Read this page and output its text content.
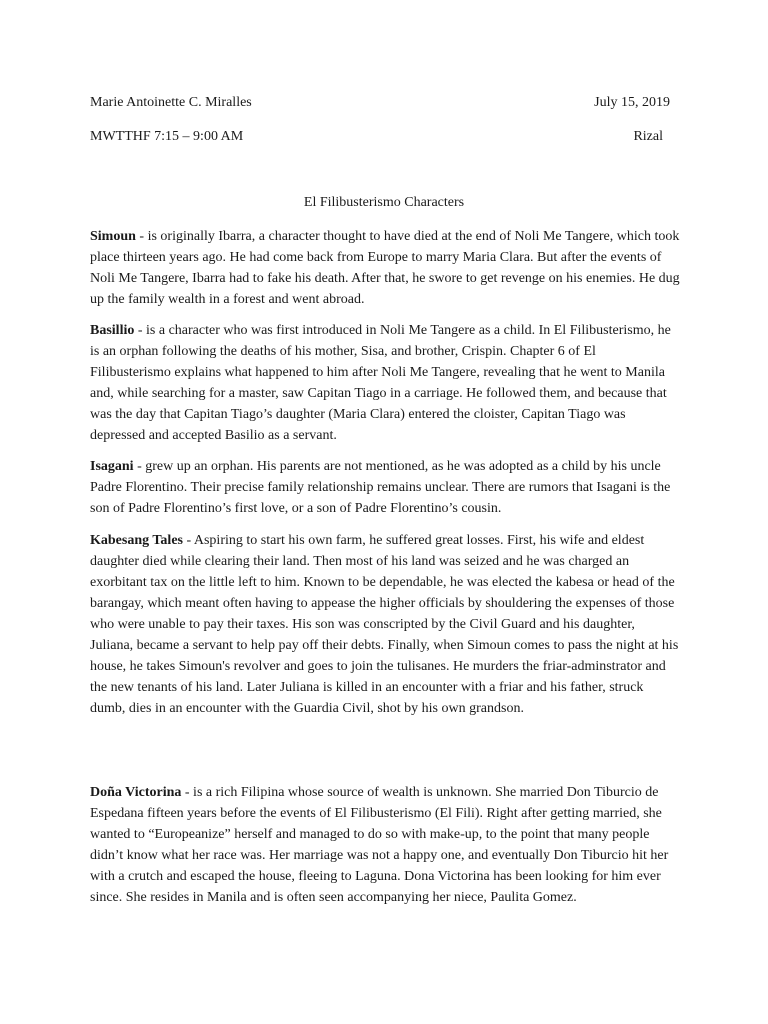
Marie Antoinette C. Miralles	July 15, 2019
MWTTHF 7:15 – 9:00 AM	Rizal
El Filibusterismo Characters

Simoun - is originally Ibarra, a character thought to have died at the end of Noli Me Tangere, which took place thirteen years ago. He had come back from Europe to marry Maria Clara. But after the events of Noli Me Tangere, Ibarra had to fake his death. After that, he swore to get revenge on his enemies. He dug up the family wealth in a forest and went abroad.

Basillio - is a character who was first introduced in Noli Me Tangere as a child. In El Filibusterismo, he is an orphan following the deaths of his mother, Sisa, and brother, Crispin. Chapter 6 of El Filibusterismo explains what happened to him after Noli Me Tangere, revealing that he went to Manila and, while searching for a master, saw Capitan Tiago in a carriage. He followed them, and because that was the day that Capitan Tiago’s daughter (Maria Clara) entered the cloister, Capitan Tiago was depressed and accepted Basilio as a servant.

Isagani - grew up an orphan. His parents are not mentioned, as he was adopted as a child by his uncle Padre Florentino. Their precise family relationship remains unclear. There are rumors that Isagani is the son of Padre Florentino’s first love, or a son of Padre Florentino’s cousin.

Kabesang Tales - Aspiring to start his own farm, he suffered great losses. First, his wife and eldest daughter died while clearing their land. Then most of his land was seized and he was charged an exorbitant tax on the little left to him. Known to be dependable, he was elected the kabesa or head of the barangay, which meant often having to appease the higher officials by shouldering the expenses of those who were unable to pay their taxes. His son was conscripted by the Civil Guard and his daughter, Juliana, became a servant to help pay off their debts. Finally, when Simoun comes to pass the night at his house, he takes Simoun's revolver and goes to join the tulisanes. He murders the friar-adminstrator and the new tenants of his land. Later Juliana is killed in an encounter with a friar and his father, struck dumb, dies in an encounter with the Guardia Civil, shot by his own grandson.

Doña Victorina - is a rich Filipina whose source of wealth is unknown. She married Don Tiburcio de Espedana fifteen years before the events of El Filibusterismo (El Fili). Right after getting married, she wanted to “Europeanize” herself and managed to do so with make-up, to the point that many people didn’t know what her race was. Her marriage was not a happy one, and eventually Don Tiburcio hit her with a crutch and escaped the house, fleeing to Laguna. Dona Victorina has been looking for him ever since. She resides in Manila and is often seen accompanying her niece, Paulita Gomez.
